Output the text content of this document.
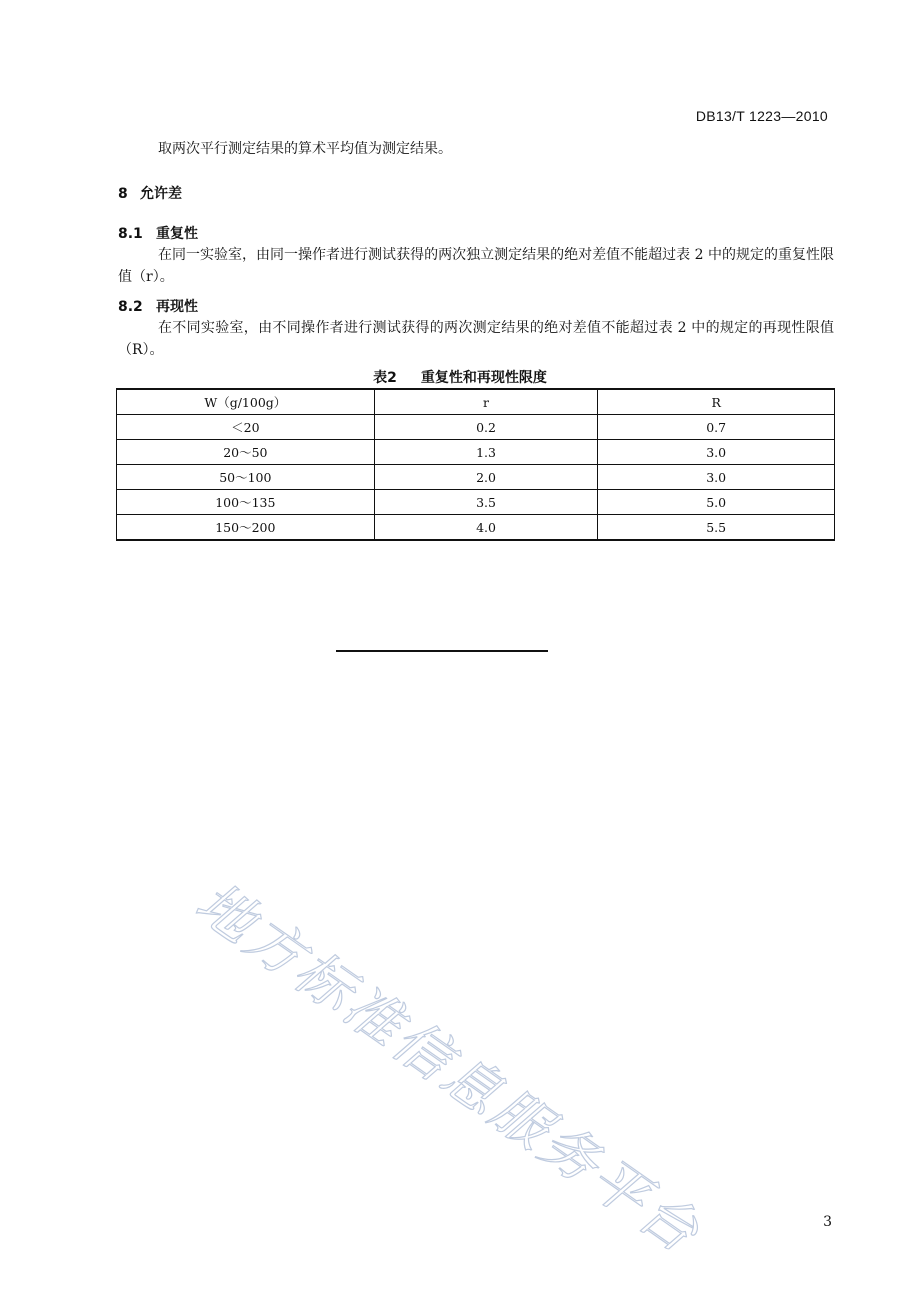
DB13/T 1223—2010
取两次平行测定结果的算术平均值为测定结果。
8 允许差
8.1 重复性
在同一实验室，由同一操作者进行测试获得的两次独立测定结果的绝对差值不能超过表 2 中的规定的重复性限值（r）。
8.2 再现性
在不同实验室，由不同操作者进行测试获得的两次测定结果的绝对差值不能超过表 2 中的规定的再现性限值（R）。
表2 重复性和再现性限度
W（g/100g）	r	R
＜20	0.2	0.7
20～50	1.3	3.0
50～100	2.0	3.0
100～135	3.5	5.0
150～200	4.0	5.5
地方标准信息服务平台	3
